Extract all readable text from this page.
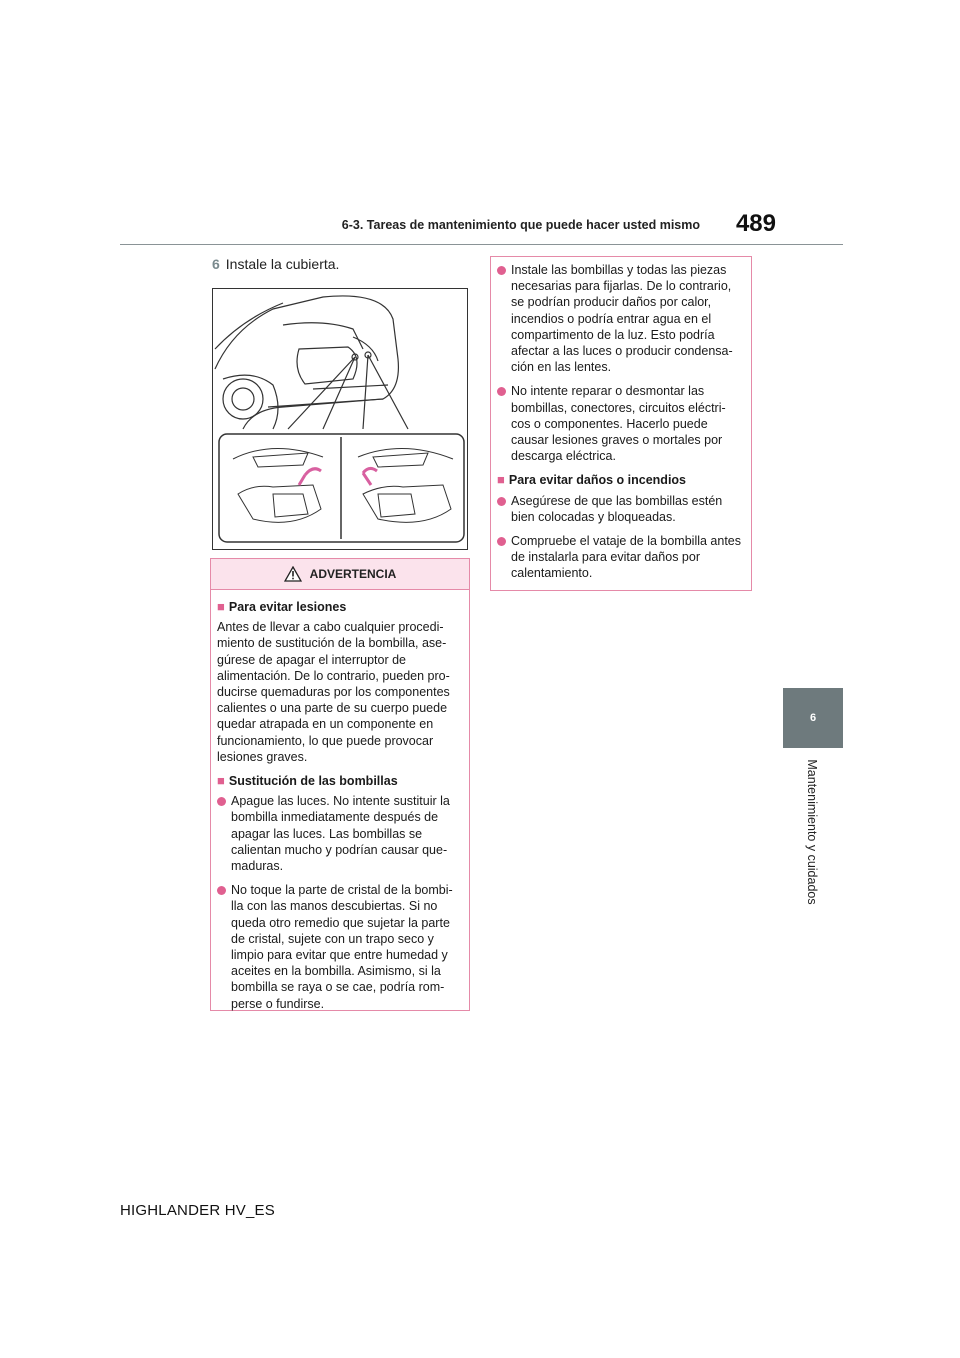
6-3. Tareas de mantenimiento que puede hacer usted mismo	489
6
Mantenimiento y cuidados
6 Instale la cubierta.
ADVERTENCIA
■ Para evitar lesiones
Antes de llevar a cabo cualquier procedi-miento de sustitución de la bombilla, ase-gúrese de apagar el interruptor de alimentación. De lo contrario, pueden pro-ducirse quemaduras por los componentes calientes o una parte de su cuerpo puede quedar atrapada en un componente en funcionamiento, lo que puede provocar lesiones graves.
■ Sustitución de las bombillas
Apague las luces. No intente sustituir la bombilla inmediatamente después de apagar las luces. Las bombillas se calientan mucho y podrían causar que-maduras.
No toque la parte de cristal de la bombi-lla con las manos descubiertas. Si no queda otro remedio que sujetar la parte de cristal, sujete con un trapo seco y limpio para evitar que entre humedad y aceites en la bombilla. Asimismo, si la bombilla se raya o se cae, podría rom-perse o fundirse.
Instale las bombillas y todas las piezas necesarias para fijarlas. De lo contrario, se podrían producir daños por calor, incendios o podría entrar agua en el compartimento de la luz. Esto podría afectar a las luces o producir condensa-ción en las lentes.
No intente reparar o desmontar las bombillas, conectores, circuitos eléctri-cos o componentes. Hacerlo puede causar lesiones graves o mortales por descarga eléctrica.
■ Para evitar daños o incendios
Asegúrese de que las bombillas estén bien colocadas y bloqueadas.
Compruebe el vataje de la bombilla antes de instalarla para evitar daños por calentamiento.
HIGHLANDER HV_ES
